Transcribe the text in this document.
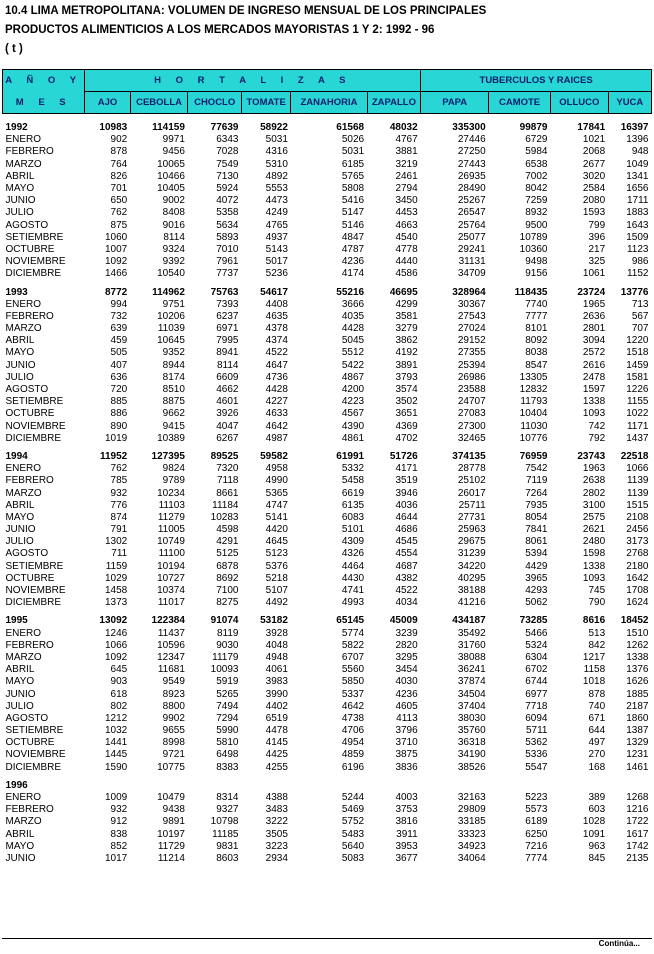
10.4 LIMA METROPOLITANA: VOLUMEN DE INGRESO MENSUAL DE LOS PRINCIPALES
PRODUCTOS ALIMENTICIOS A LOS MERCADOS MAYORISTAS 1 Y 2: 1992 - 96
( t )
A Ñ O Y	H O R T A L I Z A S						TUBERCULOS Y RAICES			
M E S	AJO	CEBOLLA	CHOCLO	TOMATE	ZANAHORIA	ZAPALLO	PAPA	CAMOTE	OLLUCO	YUCA

1992	10983	114159	77639	58922	61568	48032	335300	99879	17841	16397
ENERO	902	9971	6343	5031	5026	4767	27446	6729	1021	1396
FEBRERO	878	9456	7028	4316	5031	3881	27250	5984	2068	948
MARZO	764	10065	7549	5310	6185	3219	27443	6538	2677	1049
ABRIL	826	10466	7130	4892	5765	2461	26935	7002	3020	1341
MAYO	701	10405	5924	5553	5808	2794	28490	8042	2584	1656
JUNIO	650	9002	4072	4473	5416	3450	25267	7259	2080	1711
JULIO	762	8408	5358	4249	5147	4453	26547	8932	1593	1883
AGOSTO	875	9016	5634	4765	5146	4663	25764	9500	799	1643
SETIEMBRE	1060	8114	5893	4937	4847	4540	25077	10789	396	1509
OCTUBRE	1007	9324	7010	5143	4787	4778	29241	10360	217	1123
NOVIEMBRE	1092	9392	7961	5017	4236	4440	31131	9498	325	986
DICIEMBRE	1466	10540	7737	5236	4174	4586	34709	9156	1061	1152
1993	8772	114962	75763	54617	55216	46695	328964	118435	23724	13776
ENERO	994	9751	7393	4408	3666	4299	30367	7740	1965	713
FEBRERO	732	10206	6237	4635	4035	3581	27543	7777	2636	567
MARZO	639	11039	6971	4378	4428	3279	27024	8101	2801	707
ABRIL	459	10645	7995	4374	5045	3862	29152	8092	3094	1220
MAYO	505	9352	8941	4522	5512	4192	27355	8038	2572	1518
JUNIO	407	8944	8114	4647	5422	3891	25394	8547	2616	1459
JULIO	636	8174	6609	4736	4867	3793	26986	13305	2478	1581
AGOSTO	720	8510	4662	4428	4200	3574	23588	12832	1597	1226
SETIEMBRE	885	8875	4601	4227	4223	3502	24707	11793	1338	1155
OCTUBRE	886	9662	3926	4633	4567	3651	27083	10404	1093	1022
NOVIEMBRE	890	9415	4047	4642	4390	4369	27300	11030	742	1171
DICIEMBRE	1019	10389	6267	4987	4861	4702	32465	10776	792	1437
1994	11952	127395	89525	59582	61991	51726	374135	76959	23743	22518
ENERO	762	9824	7320	4958	5332	4171	28778	7542	1963	1066
FEBRERO	785	9789	7118	4990	5458	3519	25102	7119	2638	1139
MARZO	932	10234	8661	5365	6619	3946	26017	7264	2802	1139
ABRIL	776	11103	11184	4747	6135	4036	25711	7935	3100	1515
MAYO	874	11279	10283	5141	6083	4644	27731	8054	2575	2108
JUNIO	791	11005	4598	4420	5101	4686	25963	7841	2621	2456
JULIO	1302	10749	4291	4645	4309	4545	29675	8061	2480	3173
AGOSTO	711	11100	5125	5123	4326	4554	31239	5394	1598	2768
SETIEMBRE	1159	10194	6878	5376	4464	4687	34220	4429	1338	2180
OCTUBRE	1029	10727	8692	5218	4430	4382	40295	3965	1093	1642
NOVIEMBRE	1458	10374	7100	5107	4741	4522	38188	4293	745	1708
DICIEMBRE	1373	11017	8275	4492	4993	4034	41216	5062	790	1624
1995	13092	122384	91074	53182	65145	45009	434187	73285	8616	18452
ENERO	1246	11437	8119	3928	5774	3239	35492	5466	513	1510
FEBRERO	1066	10596	9030	4048	5822	2820	31760	5324	842	1262
MARZO	1092	12347	11179	4948	6707	3295	38088	6304	1217	1338
ABRIL	645	11681	10093	4061	5560	3454	36241	6702	1158	1376
MAYO	903	9549	5919	3983	5850	4030	37874	6744	1018	1626
JUNIO	618	8923	5265	3990	5337	4236	34504	6977	878	1885
JULIO	802	8800	7494	4402	4642	4605	37404	7718	740	2187
AGOSTO	1212	9902	7294	6519	4738	4113	38030	6094	671	1860
SETIEMBRE	1032	9655	5990	4478	4706	3796	35760	5711	644	1387
OCTUBRE	1441	8998	5810	4145	4954	3710	36318	5362	497	1329
NOVIEMBRE	1445	9721	6498	4425	4859	3875	34190	5336	270	1231
DICIEMBRE	1590	10775	8383	4255	6196	3836	38526	5547	168	1461
1996										
ENERO	1009	10479	8314	4388	5244	4003	32163	5223	389	1268
FEBRERO	932	9438	9327	3483	5469	3753	29809	5573	603	1216
MARZO	912	9891	10798	3222	5752	3816	33185	6189	1028	1722
ABRIL	838	10197	11185	3505	5483	3911	33323	6250	1091	1617
MAYO	852	11729	9831	3223	5640	3953	34923	7216	963	1742
JUNIO	1017	11214	8603	2934	5083	3677	34064	7774	845	2135
Continúa...
